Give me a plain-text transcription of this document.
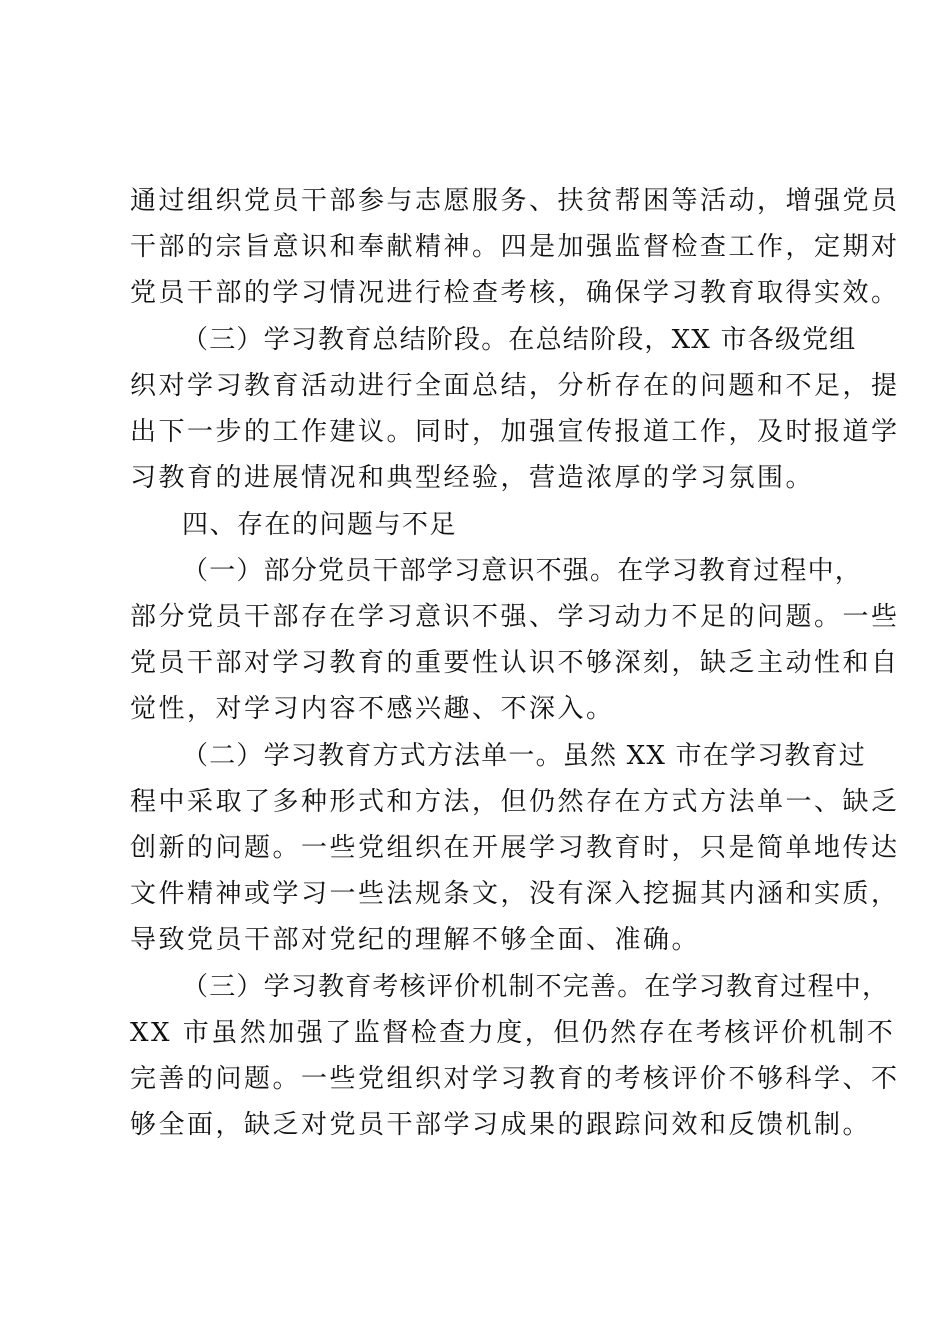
通过组织党员干部参与志愿服务、扶贫帮困等活动，增强党员
干部的宗旨意识和奉献精神。四是加强监督检查工作，定期对
党员干部的学习情况进行检查考核，确保学习教育取得实效。
（三）学习教育总结阶段。在总结阶段，XX 市各级党组
织对学习教育活动进行全面总结，分析存在的问题和不足，提
出下一步的工作建议。同时，加强宣传报道工作，及时报道学
习教育的进展情况和典型经验，营造浓厚的学习氛围。
四、存在的问题与不足
（一）部分党员干部学习意识不强。在学习教育过程中，
部分党员干部存在学习意识不强、学习动力不足的问题。一些
党员干部对学习教育的重要性认识不够深刻，缺乏主动性和自
觉性，对学习内容不感兴趣、不深入。
（二）学习教育方式方法单一。虽然 XX 市在学习教育过
程中采取了多种形式和方法，但仍然存在方式方法单一、缺乏
创新的问题。一些党组织在开展学习教育时，只是简单地传达
文件精神或学习一些法规条文，没有深入挖掘其内涵和实质，
导致党员干部对党纪的理解不够全面、准确。
（三）学习教育考核评价机制不完善。在学习教育过程中，
XX 市虽然加强了监督检查力度，但仍然存在考核评价机制不
完善的问题。一些党组织对学习教育的考核评价不够科学、不
够全面，缺乏对党员干部学习成果的跟踪问效和反馈机制。
